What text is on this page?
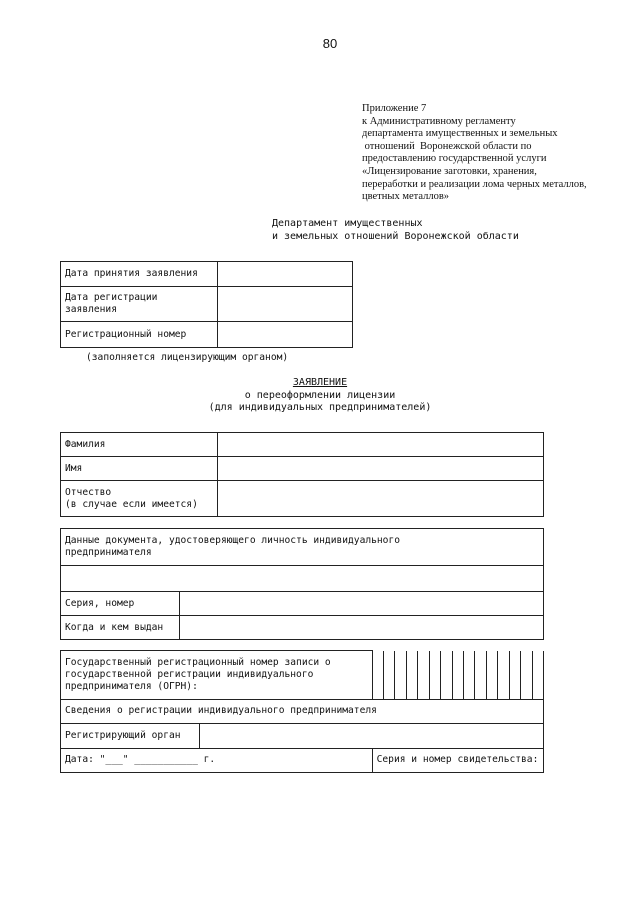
80
Приложение 7
к Административному регламенту
департамента имущественных и земельных
отношений  Воронежской области по
предоставлению государственной услуги
«Лицензирование заготовки, хранения,
переработки и реализации лома черных металлов,
цветных металлов»
Департамент имущественных
и земельных отношений Воронежской области
Дата принятия заявления	
Дата регистрации
заявления	
Регистрационный номер	
(заполняется лицензирующим органом)
ЗАЯВЛЕНИЕ
о переоформлении лицензии
(для индивидуальных предпринимателей)
Фамилия	
Имя	
Отчество
(в случае если имеется)	
Данные документа, удостоверяющего личность индивидуального
предпринимателя	

Серия, номер	
Когда и кем выдан	
Государственный регистрационный номер записи о
государственной регистрации индивидуального
предпринимателя (ОГРН):		

Сведения о регистрации индивидуального предпринимателя		
Регистрирующий орган		
Дата: "___" ___________ г.		Серия и номер свидетельства:
